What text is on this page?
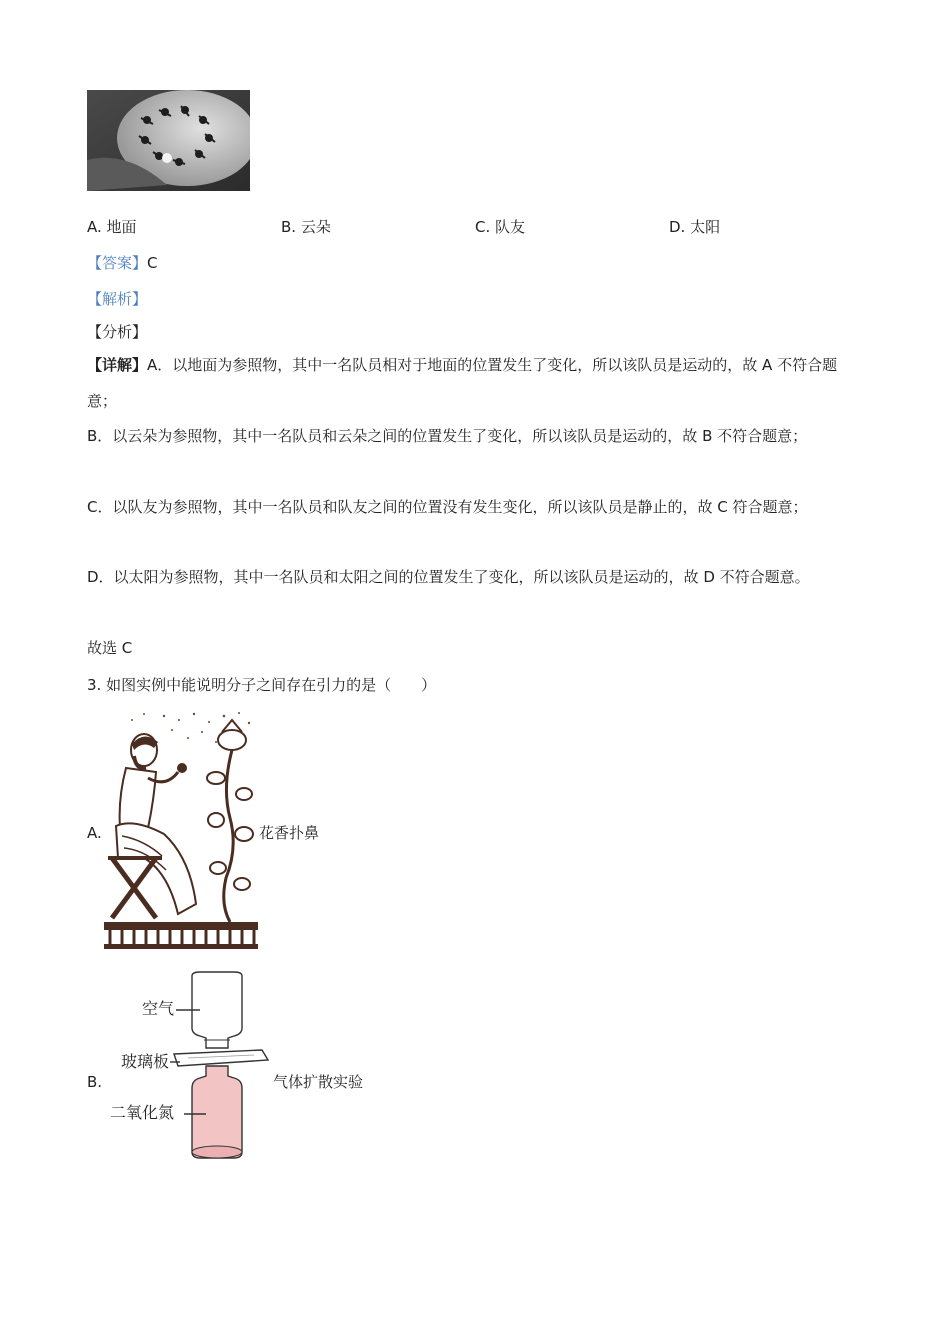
A. 地面	B. 云朵	C. 队友	D. 太阳
【答案】C
【解析】
【分析】
【详解】A．以地面为参照物，其中一名队员相对于地面的位置发生了变化，所以该队员是运动的，故 A 不符合题意；
B．以云朵为参照物，其中一名队员和云朵之间的位置发生了变化，所以该队员是运动的，故 B 不符合题意；
C．以队友为参照物，其中一名队员和队友之间的位置没有发生变化，所以该队员是静止的，故 C 符合题意；
D．以太阳为参照物，其中一名队员和太阳之间的位置发生了变化，所以该队员是运动的，故 D 不符合题意。
故选 C
3. 如图实例中能说明分子之间存在引力的是（　　）
A.	花香扑鼻
B.
空气
玻璃板
二氧化氮
气体扩散实验
